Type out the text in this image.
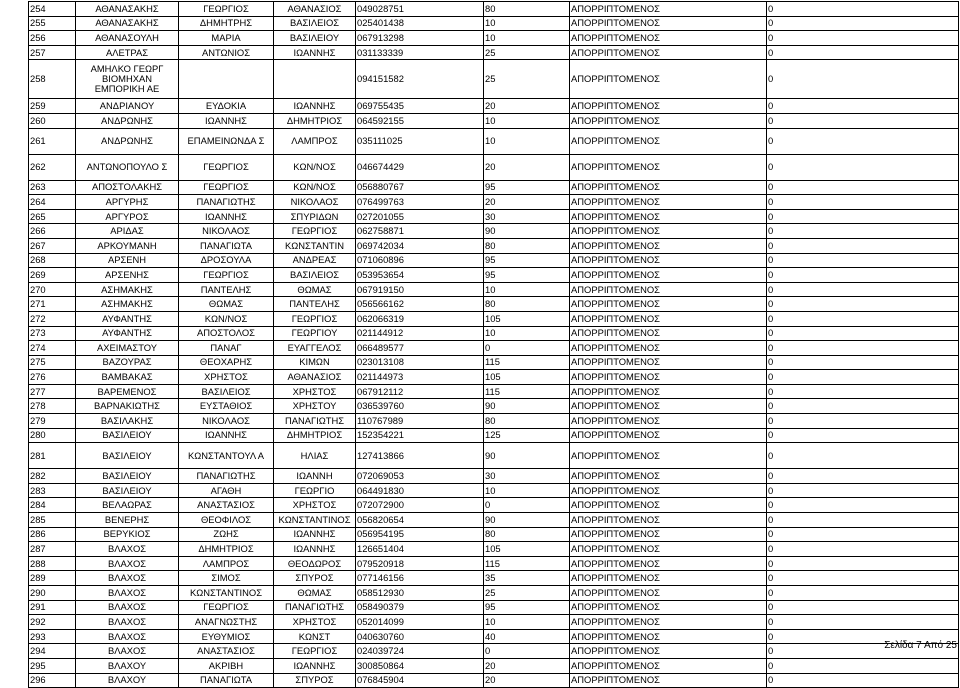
254	ΑΘΑΝΑΣΑΚΗΣ	ΓΕΩΡΓΙΟΣ	ΑΘΑΝΑΣΙΟΣ	049028751	80	ΑΠΟΡΡΙΠΤΟΜΕΝΟΣ	0
255	ΑΘΑΝΑΣΑΚΗΣ	ΔΗΜΗΤΡΗΣ	ΒΑΣΙΛΕΙΟΣ	025401438	10	ΑΠΟΡΡΙΠΤΟΜΕΝΟΣ	0
256	ΑΘΑΝΑΣΟΥΛΗ	ΜΑΡΙΑ	ΒΑΣΙΛΕΙΟΥ	067913298	10	ΑΠΟΡΡΙΠΤΟΜΕΝΟΣ	0
257	ΑΛΕΤΡΑΣ	ΑΝΤΩΝΙΟΣ	ΙΩΑΝΝΗΣ	031133339	25	ΑΠΟΡΡΙΠΤΟΜΕΝΟΣ	0
258	ΑΜΗΛΚΟ ΓΕΩΡΓ ΒΙΟΜΗΧΑΝ ΕΜΠΟΡΙΚΗ ΑΕ			094151582	25	ΑΠΟΡΡΙΠΤΟΜΕΝΟΣ	0
259	ΑΝΔΡΙΑΝΟΥ	ΕΥΔΟΚΙΑ	ΙΩΑΝΝΗΣ	069755435	20	ΑΠΟΡΡΙΠΤΟΜΕΝΟΣ	0
260	ΑΝΔΡΩΝΗΣ	ΙΩΑΝΝΗΣ	ΔΗΜΗΤΡΙΟΣ	064592155	10	ΑΠΟΡΡΙΠΤΟΜΕΝΟΣ	0
261	ΑΝΔΡΩΝΗΣ	ΕΠΑΜΕΙΝΩΝΔΑ Σ	ΛΑΜΠΡΟΣ	035111025	10	ΑΠΟΡΡΙΠΤΟΜΕΝΟΣ	0
262	ΑΝΤΩΝΟΠΟΥΛΟ Σ	ΓΕΩΡΓΙΟΣ	ΚΩΝ/ΝΟΣ	046674429	20	ΑΠΟΡΡΙΠΤΟΜΕΝΟΣ	0
263	ΑΠΟΣΤΟΛΑΚΗΣ	ΓΕΩΡΓΙΟΣ	ΚΩΝ/ΝΟΣ	056880767	95	ΑΠΟΡΡΙΠΤΟΜΕΝΟΣ	0
264	ΑΡΓΥΡΗΣ	ΠΑΝΑΓΙΩΤΗΣ	ΝΙΚΟΛΑΟΣ	076499763	20	ΑΠΟΡΡΙΠΤΟΜΕΝΟΣ	0
265	ΑΡΓΥΡΟΣ	ΙΩΑΝΝΗΣ	ΣΠΥΡΙΔΩΝ	027201055	30	ΑΠΟΡΡΙΠΤΟΜΕΝΟΣ	0
266	ΑΡΙΔΑΣ	ΝΙΚΟΛΑΟΣ	ΓΕΩΡΓΙΟΣ	062758871	90	ΑΠΟΡΡΙΠΤΟΜΕΝΟΣ	0
267	ΑΡΚΟΥΜΑΝΗ	ΠΑΝΑΓΙΩΤΑ	ΚΩΝΣΤΑΝΤΙΝ	069742034	80	ΑΠΟΡΡΙΠΤΟΜΕΝΟΣ	0
268	ΑΡΣΕΝΗ	ΔΡΟΣΟΥΛΑ	ΑΝΔΡΕΑΣ	071060896	95	ΑΠΟΡΡΙΠΤΟΜΕΝΟΣ	0
269	ΑΡΣΕΝΗΣ	ΓΕΩΡΓΙΟΣ	ΒΑΣΙΛΕΙΟΣ	053953654	95	ΑΠΟΡΡΙΠΤΟΜΕΝΟΣ	0
270	ΑΣΗΜΑΚΗΣ	ΠΑΝΤΕΛΗΣ	ΘΩΜΑΣ	067919150	10	ΑΠΟΡΡΙΠΤΟΜΕΝΟΣ	0
271	ΑΣΗΜΑΚΗΣ	ΘΩΜΑΣ	ΠΑΝΤΕΛΗΣ	056566162	80	ΑΠΟΡΡΙΠΤΟΜΕΝΟΣ	0
272	ΑΥΦΑΝΤΗΣ	ΚΩΝ/ΝΟΣ	ΓΕΩΡΓΙΟΣ	062066319	105	ΑΠΟΡΡΙΠΤΟΜΕΝΟΣ	0
273	ΑΥΦΑΝΤΗΣ	ΑΠΟΣΤΟΛΟΣ	ΓΕΩΡΓΙΟΥ	021144912	10	ΑΠΟΡΡΙΠΤΟΜΕΝΟΣ	0
274	ΑΧΕΙΜΑΣΤΟΥ	ΠΑΝΑΓ	ΕΥΑΓΓΕΛΟΣ	066489577	0	ΑΠΟΡΡΙΠΤΟΜΕΝΟΣ	0
275	ΒΑΖΟΥΡΑΣ	ΘΕΟΧΑΡΗΣ	ΚΙΜΩΝ	023013108	115	ΑΠΟΡΡΙΠΤΟΜΕΝΟΣ	0
276	ΒΑΜΒΑΚΑΣ	ΧΡΗΣΤΟΣ	ΑΘΑΝΑΣΙΟΣ	021144973	105	ΑΠΟΡΡΙΠΤΟΜΕΝΟΣ	0
277	ΒΑΡΕΜΕΝΟΣ	ΒΑΣΙΛΕΙΟΣ	ΧΡΗΣΤΟΣ	067912112	115	ΑΠΟΡΡΙΠΤΟΜΕΝΟΣ	0
278	ΒΑΡΝΑΚΙΩΤΗΣ	ΕΥΣΤΑΘΙΟΣ	ΧΡΗΣΤΟΥ	036539760	90	ΑΠΟΡΡΙΠΤΟΜΕΝΟΣ	0
279	ΒΑΣΙΛΑΚΗΣ	ΝΙΚΟΛΑΟΣ	ΠΑΝΑΓΙΩΤΗΣ	110767989	80	ΑΠΟΡΡΙΠΤΟΜΕΝΟΣ	0
280	ΒΑΣΙΛΕΙΟΥ	ΙΩΑΝΝΗΣ	ΔΗΜΗΤΡΙΟΣ	152354221	125	ΑΠΟΡΡΙΠΤΟΜΕΝΟΣ	0
281	ΒΑΣΙΛΕΙΟΥ	ΚΩΝΣΤΑΝΤΟΥΛ Α	ΗΛΙΑΣ	127413866	90	ΑΠΟΡΡΙΠΤΟΜΕΝΟΣ	0
282	ΒΑΣΙΛΕΙΟΥ	ΠΑΝΑΓΙΩΤΗΣ	ΙΩΑΝΝΗ	072069053	30	ΑΠΟΡΡΙΠΤΟΜΕΝΟΣ	0
283	ΒΑΣΙΛΕΙΟΥ	ΑΓΑΘΗ	ΓΕΩΡΓΙΟ	064491830	10	ΑΠΟΡΡΙΠΤΟΜΕΝΟΣ	0
284	ΒΕΛΑΩΡΑΣ	ΑΝΑΣΤΑΣΙΟΣ	ΧΡΗΣΤΟΣ	072072900	0	ΑΠΟΡΡΙΠΤΟΜΕΝΟΣ	0
285	ΒΕΝΕΡΗΣ	ΘΕΟΦΙΛΟΣ	ΚΩΝΣΤΑΝΤΙΝΟΣ	056820654	90	ΑΠΟΡΡΙΠΤΟΜΕΝΟΣ	0
286	ΒΕΡΥΚΙΟΣ	ΖΩΗΣ	ΙΩΑΝΝΗΣ	056954195	80	ΑΠΟΡΡΙΠΤΟΜΕΝΟΣ	0
287	ΒΛΑΧΟΣ	ΔΗΜΗΤΡΙΟΣ	ΙΩΑΝΝΗΣ	126651404	105	ΑΠΟΡΡΙΠΤΟΜΕΝΟΣ	0
288	ΒΛΑΧΟΣ	ΛΑΜΠΡΟΣ	ΘΕΟΔΩΡΟΣ	079520918	115	ΑΠΟΡΡΙΠΤΟΜΕΝΟΣ	0
289	ΒΛΑΧΟΣ	ΣΙΜΟΣ	ΣΠΥΡΟΣ	077146156	35	ΑΠΟΡΡΙΠΤΟΜΕΝΟΣ	0
290	ΒΛΑΧΟΣ	ΚΩΝΣΤΑΝΤΙΝΟΣ	ΘΩΜΑΣ	058512930	25	ΑΠΟΡΡΙΠΤΟΜΕΝΟΣ	0
291	ΒΛΑΧΟΣ	ΓΕΩΡΓΙΟΣ	ΠΑΝΑΓΙΩΤΗΣ	058490379	95	ΑΠΟΡΡΙΠΤΟΜΕΝΟΣ	0
292	ΒΛΑΧΟΣ	ΑΝΑΓΝΩΣΤΗΣ	ΧΡΗΣΤΟΣ	052014099	10	ΑΠΟΡΡΙΠΤΟΜΕΝΟΣ	0
293	ΒΛΑΧΟΣ	ΕΥΘΥΜΙΟΣ	ΚΩΝΣΤ	040630760	40	ΑΠΟΡΡΙΠΤΟΜΕΝΟΣ	0
294	ΒΛΑΧΟΣ	ΑΝΑΣΤΑΣΙΟΣ	ΓΕΩΡΓΙΟΣ	024039724	0	ΑΠΟΡΡΙΠΤΟΜΕΝΟΣ	0
295	ΒΛΑΧΟΥ	ΑΚΡΙΒΗ	ΙΩΑΝΝΗΣ	300850864	20	ΑΠΟΡΡΙΠΤΟΜΕΝΟΣ	0
296	ΒΛΑΧΟΥ	ΠΑΝΑΓΙΩΤΑ	ΣΠΥΡΟΣ	076845904	20	ΑΠΟΡΡΙΠΤΟΜΕΝΟΣ	0
Σελίδα 7 Από 25
